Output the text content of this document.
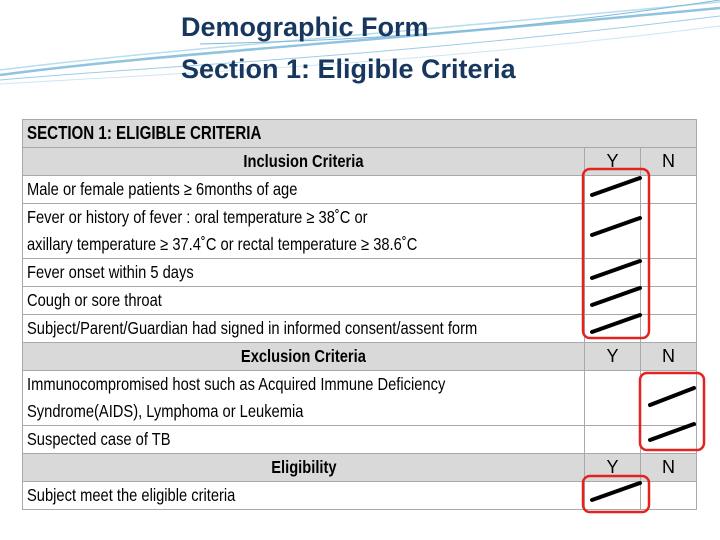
Demographic Form
Section 1: Eligible Criteria
SECTION 1: ELIGIBLE CRITERIA		
Inclusion Criteria	Y	N
Male or female patients ≥ 6months of age		
Fever or history of fever : oral temperature ≥ 38˚C or
axillary temperature ≥ 37.4˚C or rectal temperature ≥ 38.6˚C		
Fever onset within 5 days		
Cough or sore throat		
Subject/Parent/Guardian had signed in informed consent/assent form		
Exclusion Criteria	Y	N
Immunocompromised host such as Acquired Immune Deficiency
Syndrome(AIDS), Lymphoma or Leukemia		
Suspected case of TB		
Eligibility	Y	N
Subject meet the eligible criteria		
